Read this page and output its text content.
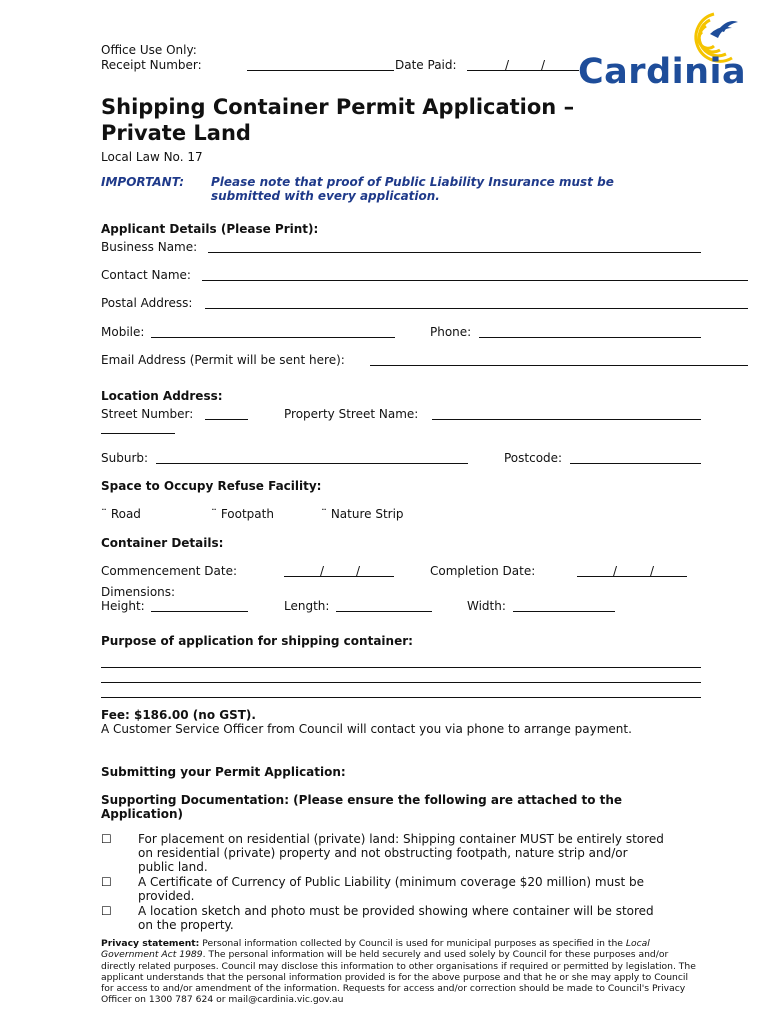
Office Use Only:
Receipt Number:	Date Paid:	/	/ Cardinia
Shipping Container Permit Application –
Private Land
Local Law No. 17
IMPORTANT: Please note that proof of Public Liability Insurance must be
submitted with every application.
Applicant Details (Please Print):
Business Name:
Contact Name:
Postal Address:
Mobile:	Phone:
Email Address (Permit will be sent here):
Location Address:
Street Number:	Property Street Name:
Suburb:	Postcode:
Space to Occupy Refuse Facility:
¨ Road	¨ Footpath	¨ Nature Strip
Container Details:
Commencement Date:	/	/	Completion Date:	/	/
Dimensions:
Height:	Length:	Width:
Purpose of application for shipping container:
Fee: $186.00 (no GST).
A Customer Service Officer from Council will contact you via phone to arrange payment.
Submitting your Permit Application:
Supporting Documentation: (Please ensure the following are attached to the
Application)
☐ For placement on residential (private) land: Shipping container MUST be entirely stored
on residential (private) property and not obstructing footpath, nature strip and/or
public land.
☐ A Certificate of Currency of Public Liability (minimum coverage $20 million) must be
provided.
☐ A location sketch and photo must be provided showing where container will be stored
on the property.
Privacy statement: Personal information collected by Council is used for municipal purposes as specified in the Local Government Act 1989. The personal information will be held securely and used solely by Council for these purposes and/or directly related purposes. Council may disclose this information to other organisations if required or permitted by legislation. The applicant understands that the personal information provided is for the above purpose and that he or she may apply to Council for access to and/or amendment of the information. Requests for access and/or correction should be made to Council's Privacy Officer on 1300 787 624 or mail@cardinia.vic.gov.au
